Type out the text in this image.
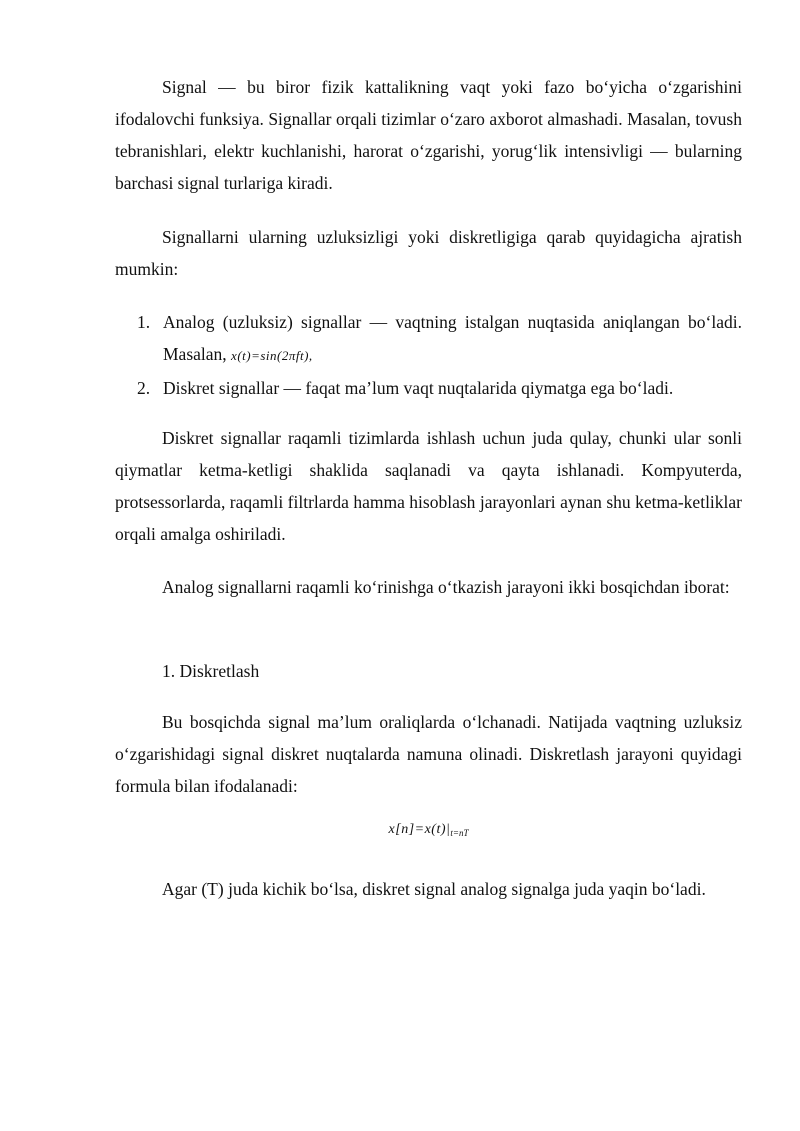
Signal — bu biror fizik kattalikning vaqt yoki fazo bo‘yicha o‘zgarishini ifodalovchi funksiya. Signallar orqali tizimlar o‘zaro axborot almashadi. Masalan, tovush tebranishlari, elektr kuchlanishi, harorat o‘zgarishi, yorug‘lik intensivligi — bularning barchasi signal turlariga kiradi.

Signallarni ularning uzluksizligi yoki diskretligiga qarab quyidagicha ajratish mumkin:

1. Analog (uzluksiz) signallar — vaqtning istalgan nuqtasida aniqlangan bo‘ladi. Masalan, x(t)=sin(2πft),
2. Diskret signallar — faqat ma’lum vaqt nuqtalarida qiymatga ega bo‘ladi.

Diskret signallar raqamli tizimlarda ishlash uchun juda qulay, chunki ular sonli qiymatlar ketma-ketligi shaklida saqlanadi va qayta ishlanadi. Kompyuterda, protsessorlarda, raqamli filtrlarda hamma hisoblash jarayonlari aynan shu ketma-ketliklar orqali amalga oshiriladi.

Analog signallarni raqamli ko‘rinishga o‘tkazish jarayoni ikki bosqichdan iborat:

1. Diskretlash

Bu bosqichda signal ma’lum oraliqlarda o‘lchanadi. Natijada vaqtning uzluksiz o‘zgarishidagi signal diskret nuqtalarda namuna olinadi. Diskretlash jarayoni quyidagi formula bilan ifodalanadi:

$x[n]=x(t)|_{t=nT}$

Agar (T) juda kichik bo‘lsa, diskret signal analog signalga juda yaqin bo‘ladi.
